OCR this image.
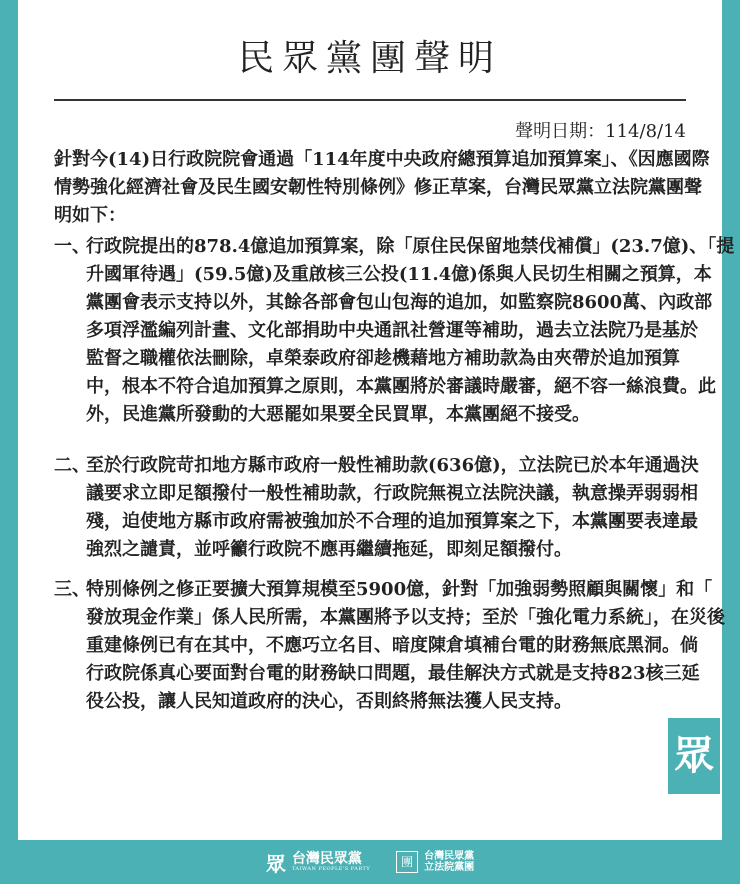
民眾黨團聲明
聲明日期：114/8/14
針對今(14)日行政院院會通過「114年度中央政府總預算追加預算案」、《因應國際
情勢強化經濟社會及民生國安韌性特別條例》修正草案，台灣民眾黨立法院黨團聲
明如下：
一、
行政院提出的878.4億追加預算案，除「原住民保留地禁伐補償」(23.7億)、「提
升國軍待遇」(59.5億)及重啟核三公投(11.4億)係與人民切生相關之預算，本
黨團會表示支持以外，其餘各部會包山包海的追加，如監察院8600萬、內政部
多項浮濫編列計畫、文化部捐助中央通訊社營運等補助，過去立法院乃是基於
監督之職權依法刪除，卓榮泰政府卻趁機藉地方補助款為由夾帶於追加預算
中，根本不符合追加預算之原則，本黨團將於審議時嚴審，絕不容一絲浪費。此
外，民進黨所發動的大惡罷如果要全民買單，本黨團絕不接受。
二、
至於行政院苛扣地方縣市政府一般性補助款(636億)，立法院已於本年通過決
議要求立即足額撥付一般性補助款，行政院無視立法院決議，執意操弄弱弱相
殘，迫使地方縣市政府需被強加於不合理的追加預算案之下，本黨團要表達最
強烈之譴責，並呼籲行政院不應再繼續拖延，即刻足額撥付。
三、
特別條例之修正要擴大預算規模至5900億，針對「加強弱勢照顧與關懷」和「
發放現金作業」係人民所需，本黨團將予以支持；至於「強化電力系統」，在災後
重建條例已有在其中，不應巧立名目、暗度陳倉填補台電的財務無底黑洞。倘
行政院係真心要面對台電的財務缺口問題，最佳解決方式就是支持823核三延
役公投，讓人民知道政府的決心，否則終將無法獲人民支持。
眾
眾 台灣民眾黨
TAIWAN PEOPLE'S PARTY	團	台灣民眾黨
立法院黨團
